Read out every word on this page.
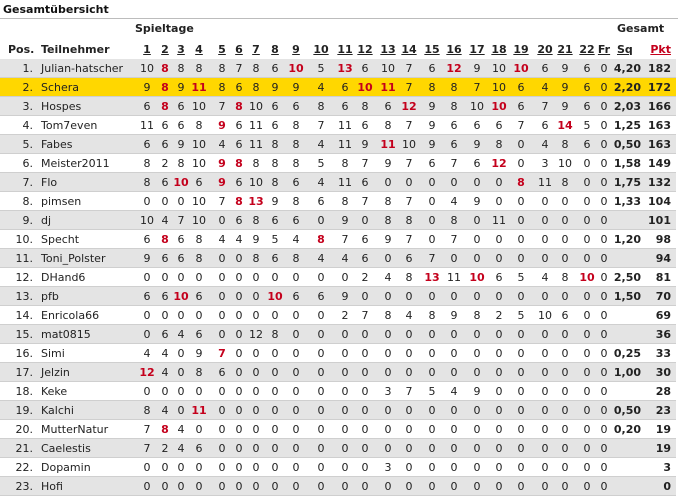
Gesamtübersicht
Spieltage	Gesamt
Pos. Teilnehmer	1 2 3 4	5 6 7	8	9	10 11 12 13 14 15 16 17 18 19 20 21 22 Fr Sq Pkt
1. Julian-hatscher	10 8 8	8	8 7 8	6 10	5	13 6	10 7	6 12	9	10 10	6	9	6 0 4,20 182
2. Schera	9 8 9 11	8 6 8	9	9	4	6 10 11 7	8	8	7	10	6	4	9	6 0 2,20 172
3. Hospes	6 8 6 10	7 8 10 6	6	8	6	8	6 12	9	8	10 10 6	7	9	6 0 2,03 166
4. Tom7even	11 6 6	8	9 6 11 6	8	7	11 6	8	7	9	6	6	6	7	6 14 5 0 1,25 163
5. Fabes	6	6 9 10	4 6 11 8	8	4	11 9	11 10	9	6	9	8	0	4	8	6 0 0,50 163
6. Meister2011	8	2 8 10	9 8 8	8	8	5	8	7	9	7	6	7	6 12 0	3 10	0 0 1,58 149
7. Flo	8	6 10 6	9 6 10 8	6	4	11 6	0	0	0	0	0	0	8	11 8	0 0 1,75 132
8. pimsen	0	0 0 10	7 8 13 9	8	6	8	7	8	7	0	4	9	0	0	0	0	0 0 1,33 104
9. dj	10 4 7 10	0 6 8	6	6	0	9	0	8	8	0	8	0	11	0	0	0	0 0	101
10. Specht	6 8 6	8	4 4 9	5	4	8	7	6	9	7	0	7	0	0	0	0	0	0 0 1,20	98
11. Toni_Polster	9	6 6	8	0 0 8	6	8	4	4	6	0	6	7	0	0	0	0	0	0	0 0	94
12. DHand6	0	0 0	0	0 0 0	0	0	0	0	2	4	8	13 11 10 6	5	4	8 10 0 2,50	81
13. pfb	6	6 10 6	0 0 0 10 6	6	9	0	0	0	0	0	0	0	0	0	0	0 0 1,50	70
14. Enricola66	0	0 0	0	0 0 0	0	0	0	2	7	8	4	8	9	8	2	5	10 6	0 0	69
15. mat0815	0	6 4	6	0 0 12 8	0	0	0	0	0	0	0	0	0	0	0	0	0	0 0	36
16. Simi	4	4 0	9	7 0 0	0	0	0	0	0	0	0	0	0	0	0	0	0	0	0 0 0,25	33
17. Jelzin	12 4 0	8	6 0 0	0	0	0	0	0	0	0	0	0	0	0	0	0	0	0 0 1,00	30
18. Keke	0	0 0	0	0 0 0	0	0	0	0	0	3	7	5	4	9	0	0	0	0	0 0	28
19. Kalchi	8	4 0 11	0 0 0	0	0	0	0	0	0	0	0	0	0	0	0	0	0	0 0 0,50	23
20. MutterNatur	7 8 4	0	0 0 0	0	0	0	0	0	0	0	0	0	0	0	0	0	0	0 0 0,20	19
21. Caelestis	7	2 4	6	0 0 0	0	0	0	0	0	0	0	0	0	0	0	0	0	0	0 0	19
22. Dopamin	0	0 0	0	0 0 0	0	0	0	0	0	3	0	0	0	0	0	0	0	0	0 0	3
23. Hofi	0	0 0	0	0 0 0	0	0	0	0	0	0	0	0	0	0	0	0	0	0	0 0	0
